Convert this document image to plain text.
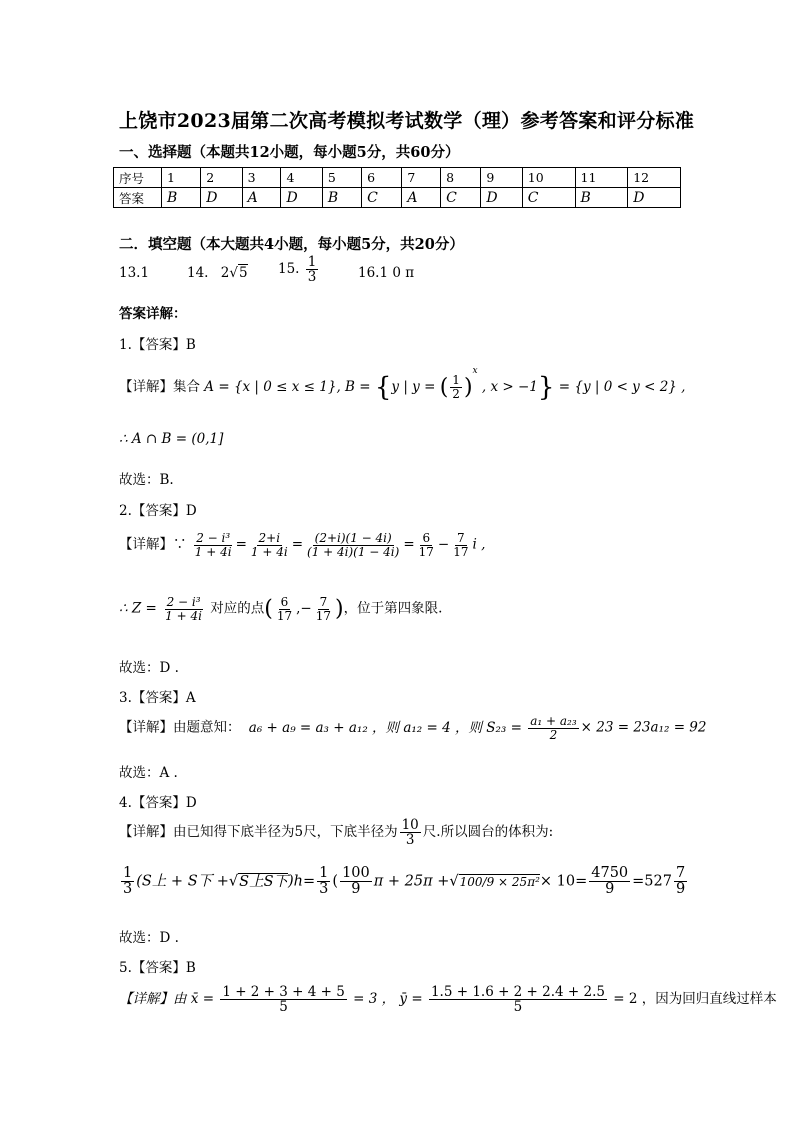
上饶市2023届第二次高考模拟考试数学（理）参考答案和评分标准
一、选择题（本题共12小题，每小题5分，共60分）
序号	1	2	3	4	5	6	7	8	9	10	11	12
答案	B	D	A	D	B	C	A	C	D	C	B	D
二．填空题（本大题共4小题，每小题5分，共20分）
13.1	14. 2√5 15. $\frac{1}{3}$	16.1 0 π
答案详解：
1.【答案】B
【详解】集合 A = {x | 0 ≤ x ≤ 1}, B = {y | y = ( $\frac{1}{2} )^x$ , x > −1} = {y | 0 < y < 2} ,
∴ A ∩ B = (0,1]
故选：B.
2.【答案】D
【详解】∵ $\frac{\text{2 − i³}}{1 + 4i} = \frac{2+i}{1 + 4i} = \frac{(2+i)(1 - 4i)}{(1 + 4i)(1 - 4i)} = \frac{6}{17} - \frac{7}{17}$ i ,
∴ $Z = \frac{\text{2 − i³}}{1 + 4i}$ 对应的点( $\frac{6}{17}$ ,− $\frac{7}{17}$ )，位于第四象限.
故选：D .
3.【答案】A
【详解】由题意知： a₆ + a₉ = a₃ + a₁₂ ，则 a₁₂ = 4 ，则 $S_{23} = \frac{\text{a₁ + a₂₃}}{2} \times 23 = 23a_{12} = 92$
故选：A .
4.【答案】D
【详解】由已知得下底半径为5尺，下底半径为 $\frac{10}{3}$ 尺.所以圆台的体积为:
$\frac{1}{3} (S$上 + S下 +√S上S下)$h= \frac{1}{3}$ ( $\frac{100}{9}$ $\pi + 25\pi +√100/9 \times 25\pi^2\times 10= \frac{4750}{9} =527 \frac{7}{9}$
故选：D .
5.【答案】B
【详解】由 x̄ = $\frac{1 + 2 + 3 + 4 + 5}{5} = 3$ ， ȳ = $\frac{1.5 + 1.6 + 2 + 2.4 + 2.5}{5} = 2$ ，因为回归直线过样本
